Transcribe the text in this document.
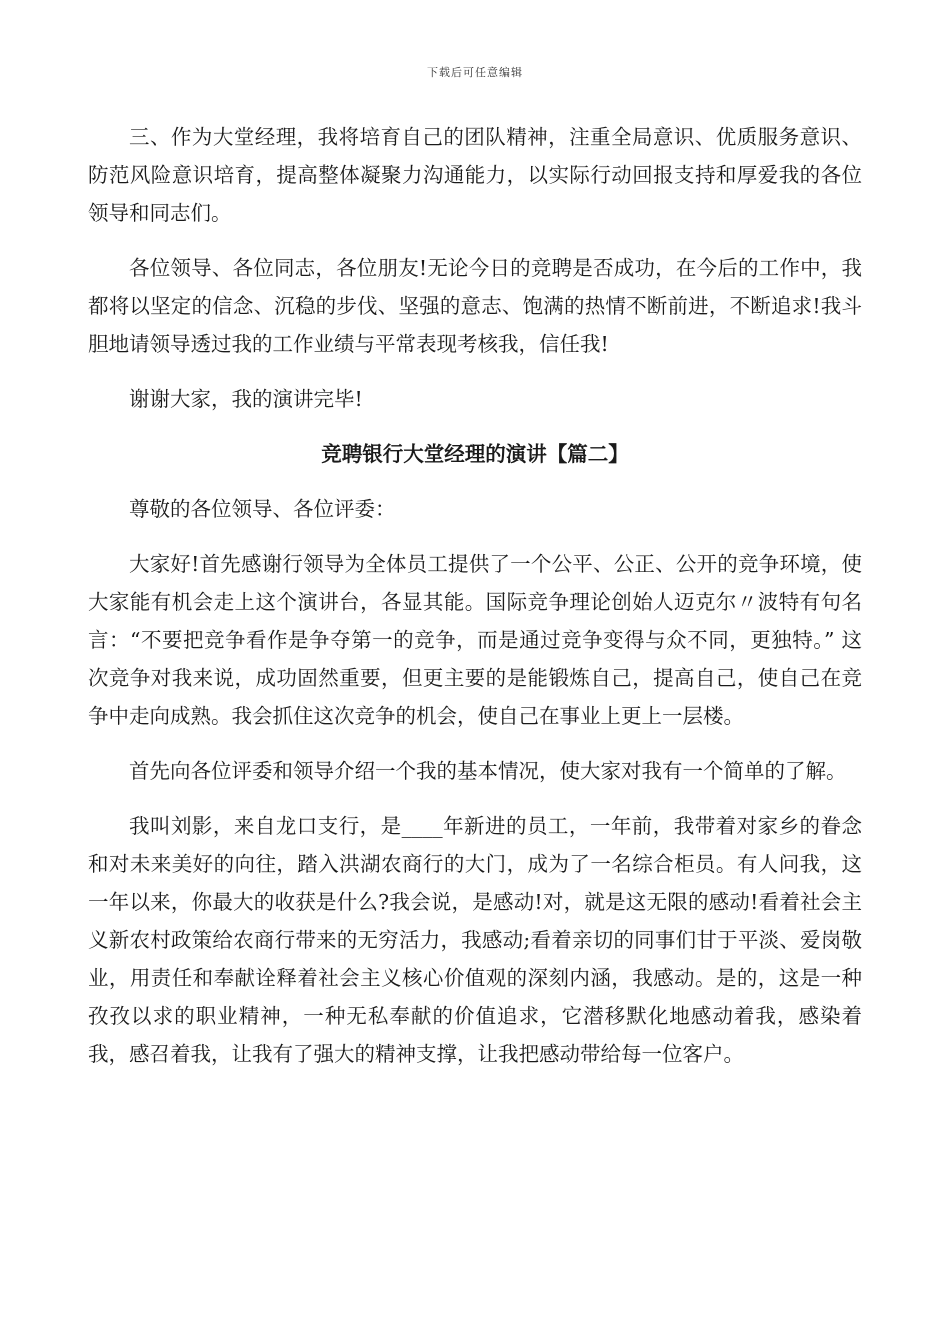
下载后可任意编辑

三、作为大堂经理，我将培育自己的团队精神，注重全局意识、优质服务意识、防范风险意识培育，提高整体凝聚力沟通能力，以实际行动回报支持和厚爱我的各位领导和同志们。

各位领导、各位同志，各位朋友!无论今日的竞聘是否成功，在今后的工作中，我都将以坚定的信念、沉稳的步伐、坚强的意志、饱满的热情不断前进，不断追求!我斗胆地请领导透过我的工作业绩与平常表现考核我，信任我!

谢谢大家，我的演讲完毕!

竞聘银行大堂经理的演讲【篇二】

尊敬的各位领导、各位评委：

大家好!首先感谢行领导为全体员工提供了一个公平、公正、公开的竞争环境，使大家能有机会走上这个演讲台，各显其能。国际竞争理论创始人迈克尔〃波特有句名言：“不要把竞争看作是争夺第一的竞争，而是通过竞争变得与众不同，更独特。” 这次竞争对我来说，成功固然重要，但更主要的是能锻炼自己，提高自己，使自己在竞争中走向成熟。我会抓住这次竞争的机会，使自己在事业上更上一层楼。

首先向各位评委和领导介绍一个我的基本情况，使大家对我有一个简单的了解。

我叫刘影，来自龙口支行，是____年新进的员工，一年前，我带着对家乡的眷念和对未来美好的向往，踏入洪湖农商行的大门，成为了一名综合柜员。有人问我，这一年以来，你最大的收获是什么?我会说，是感动!对，就是这无限的感动!看着社会主义新农村政策给农商行带来的无穷活力，我感动;看着亲切的同事们甘于平淡、爱岗敬业，用责任和奉献诠释着社会主义核心价值观的深刻内涵，我感动。是的，这是一种孜孜以求的职业精神，一种无私奉献的价值追求，它潜移默化地感动着我，感染着我，感召着我，让我有了强大的精神支撑，让我把感动带给每一位客户。
